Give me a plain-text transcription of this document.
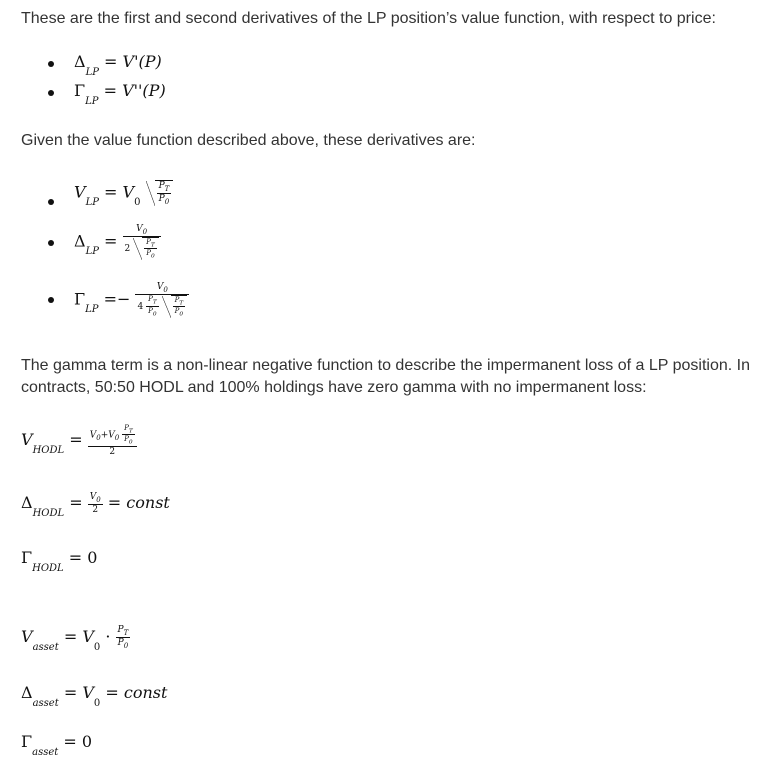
These are the first and second derivatives of the LP position’s value function, with respect to price:
$\Delta_{LP} = V'(P)$
$\Gamma_{LP} = V''(P)$
Given the value function described above, these derivatives are:
$V_{LP} = V_0 \frac{P_T}{P_0}$
$\Delta_{LP} = \frac{V_0}{2 \frac{P_T}{P_0}}$
$\Gamma_{LP}$ =−
$V_0$
$4 \frac{P_T}{P_0}$
$\frac{P_T}{P_0}$
The gamma term is a non-linear negative function to describe the impermanent loss of a LP position. In
contracts, 50:50 HODL and 100% holdings have zero gamma with no impermanent loss:
$V_{HODL} = \frac{V_0+V_0 \frac{P_T}{P_0}}{2}$
$\Delta_{HODL} = \frac{V_0}{2}$ = const
$\Gamma_{HODL} = 0$
$V_{asset} = V_0 \cdot \frac{P_T}{P_0}$
$\Delta_{asset} = V_0$ = const
$\Gamma_{asset} = 0$
